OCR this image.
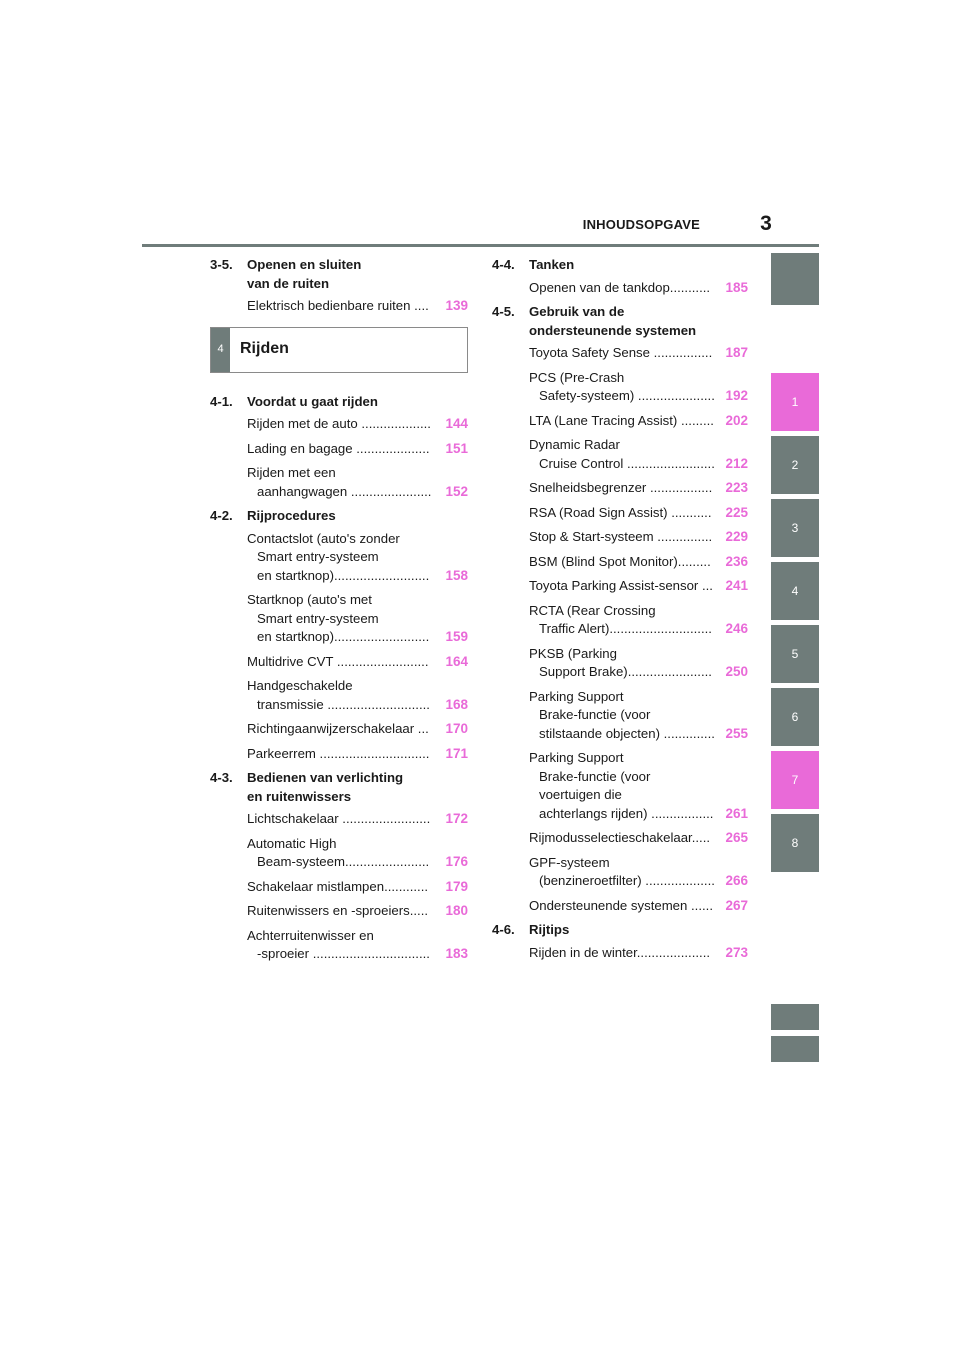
INHOUDSOPGAVE	3
3-5.	Openen en sluiten
van de ruiten
Elektrisch bedienbare ruiten ....	139
4	Rijden
4-1.	Voordat u gaat rijden
Rijden met de auto ...................	144
Lading en bagage ....................	151
Rijden met een
aanhangwagen ......................	152
4-2.	Rijprocedures
Contactslot (auto's zonder
Smart entry-systeem
en startknop)..........................	158
Startknop (auto's met
Smart entry-systeem
en startknop)..........................	159
Multidrive CVT .........................	164
Handgeschakelde
transmissie ............................	168
Richtingaanwijzerschakelaar ...	170
Parkeerrem ..............................	171
4-3.	Bedienen van verlichting
en ruitenwissers
Lichtschakelaar ........................	172
Automatic High
Beam-systeem.......................	176
Schakelaar mistlampen............	179
Ruitenwissers en -sproeiers.....	180
Achterruitenwisser en
-sproeier ................................	183
4-4.	Tanken
Openen van de tankdop...........	185
4-5.	Gebruik van de
ondersteunende systemen
Toyota Safety Sense ................ 187
PCS (Pre-Crash
Safety-systeem) ..................... 192
LTA (Lane Tracing Assist) ......... 202
Dynamic Radar
Cruise Control ........................ 212
Snelheidsbegrenzer ................. 223
RSA (Road Sign Assist) ...........	225
Stop & Start-systeem ............... 229
BSM (Blind Spot Monitor).........	236
Toyota Parking Assist-sensor ... 241
RCTA (Rear Crossing
Traffic Alert)............................	246
PKSB (Parking
Support Brake).......................	250
Parking Support
Brake-functie (voor
stilstaande objecten) .............. 255
Parking Support
Brake-functie (voor
voertuigen die
achterlangs rijden) ................. 261
Rijmodusselectieschakelaar.....	265
GPF-systeem
(benzineroetfilter) ................... 266
Ondersteunende systemen ...... 267
4-6.	Rijtips
Rijden in de winter....................	273
1
2
3
4
5
6
7
8
